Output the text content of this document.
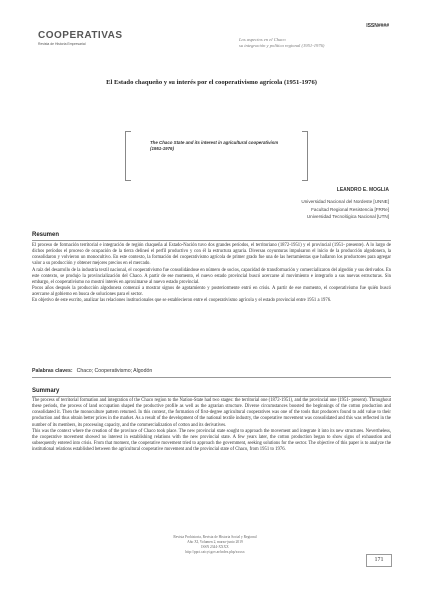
COOPERATIVAS
Revista de Historia Empresarial
ISSN####
Los aspectos en el Chaco
su integración y política regional (1951-1976)
El Estado chaqueño y su interés por el cooperativismo agrícola (1951-1976)
The Chaco State and its interest in agricultural cooperativism (1951-1976)
LEANDRO E. MOGLIA
Universidad Nacional del Nordeste [UNNE]
Facultad Regional Resistencia [FRRe]
Universidad Tecnológica Nacional [UTN]
Resumen

El proceso de formación territorial e integración de región chaqueña al Estado-Nación tuvo dos grandes períodos, el territoriano (1872-1951) y el provincial (1951- presente). A lo largo de dichos períodos el proceso de ocupación de la tierra delineó el perfil productivo y con él la estructura agraria. Diversas coyunturas impulsaron el inicio de la producción algodonera, la consolidaron y volvieron un monocultivo. En este contexto, la formación del cooperativismo agrícola de primer grado fue una de las herramientas que hallaron los productores para agregar valor a su producción y obtener mejores precios en el mercado.

A raíz del desarrollo de la industria textil nacional, el cooperativismo fue consolidándose en número de socios, capacidad de transformación y comercializaron del algodón y sus derivados. En este contexto, se produjo la provincialización del Chaco. A partir de ese momento, el nuevo estado provincial buscó acercarse al movimiento e integrarlo a sus nuevas estructuras. Sin embargo, el cooperativismo no mostró interés en aproximarse al nuevo estado provincial.

Pocos años después la producción algodonera comenzó a mostrar signos de agotamiento y posteriormente entró en crisis. A partir de ese momento, el cooperativismo fue quién buscó acercarse al gobierno en busca de soluciones para el sector.

En objetivo de este escrito, analizar las relaciones institucionales que se establecieron entre el cooperativismo agrícola y el estado provincial entre 1951 a 1976.

Palabras claves: Chaco; Cooperativismo; Algodón
Summary

The process of territorial formation and integration of the Chaco region to the Nation-State had two stages: the territorial one (1872-1951), and the provincial one (1951- present). Throughout these periods, the process of land occupation shaped the productive profile as well as the agrarian structure. Diverse circumstances boosted the beginnings of the cotton production and consolidated it. Then the monoculture pattern returned. In this context, the formation of first-degree agricultural cooperatives was one of the tools that producers found to add value to their production and thus obtain better prices in the market. As a result of the development of the national textile industry, the cooperative movement was consolidated and this was reflected in the number of its members, its processing capacity, and the commercialization of cotton and its derivatives.

This was the context where the creation of the province of Chaco took place. The new provincial state sought to approach the movement and integrate it into its new structures. Nevertheless, the cooperative movement showed no interest in establishing relations with the new provincial state. A few years later, the cotton production began to show signs of exhaustion and subsequently entered into crisis. From that moment, the cooperative movement tried to approach the government, seeking solutions for the sector. The objective of this paper is to analyze the institutional relations established between the agricultural cooperative movement and the provincial state of Chaco, from 1951 to 1976.

Revista Prohistoria, Revista de Historia Social y Regional
Año XI, Volumen 2, marzo-junio 2019
ISSN 2344-XXXX
http://ppct.caicyt.gov.ar/index.php/xxxxx
171
